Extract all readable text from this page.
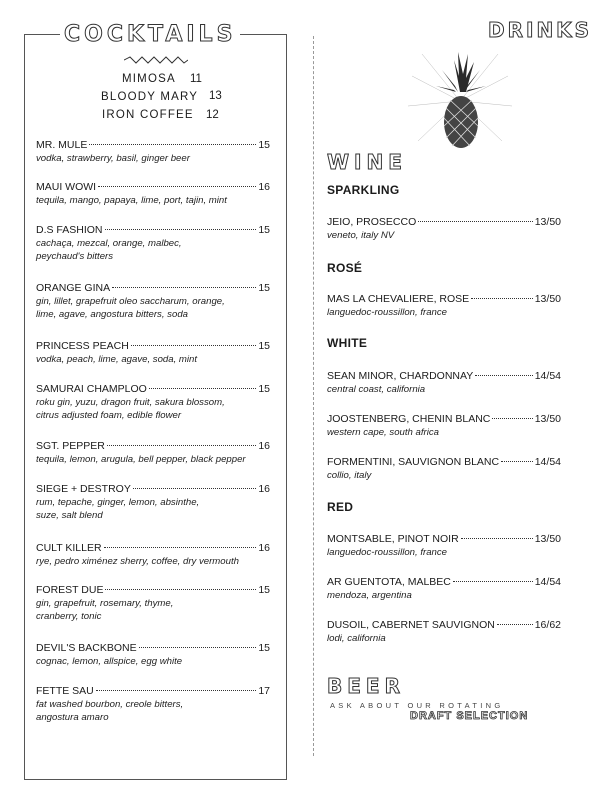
COCKTAILS
MIMOSA 11
BLOODY MARY 13
IRON COFFEE 12
MR. MULE	15
vodka, strawberry, basil, ginger beer
MAUI WOWI	16
tequila, mango, papaya, lime, port, tajin, mint
D.S FASHION	15
cachaça, mezcal, orange, malbec,
peychaud's bitters
ORANGE GINA	15
gin, lillet, grapefruit oleo saccharum, orange,
lime, agave, angostura bitters, soda
PRINCESS PEACH	15
vodka, peach, lime, agave, soda, mint
SAMURAI CHAMPLOO	15
roku gin, yuzu, dragon fruit, sakura blossom,
citrus adjusted foam, edible flower
SGT. PEPPER	16
tequila, lemon, arugula, bell pepper, black pepper
SIEGE + DESTROY	16
rum, tepache, ginger, lemon, absinthe,
suze, salt blend
CULT KILLER	16
rye, pedro ximénez sherry, coffee, dry vermouth
FOREST DUE	15
gin, grapefruit, rosemary, thyme,
cranberry, tonic
DEVIL'S BACKBONE	15
cognac, lemon, allspice, egg white
FETTE SAU	17
fat washed bourbon, creole bitters,
angostura amaro
DRINKS
WINE
SPARKLING
JEIO, PROSECCO	13/50
veneto, italy NV
ROSÉ
MAS LA CHEVALIERE, ROSE	13/50
languedoc-roussillon, france
WHITE
SEAN MINOR, CHARDONNAY	14/54
central coast, california
JOOSTENBERG, CHENIN BLANC	13/50
western cape, south africa
FORMENTINI, SAUVIGNON BLANC	14/54
collio, italy
RED
MONTSABLE, PINOT NOIR	13/50
languedoc-roussillon, france
AR GUENTOTA, MALBEC	14/54
mendoza, argentina
DUSOIL, CABERNET SAUVIGNON	16/62
lodi, california
BEER
ASK ABOUT OUR ROTATING
DRAFT SELECTION
